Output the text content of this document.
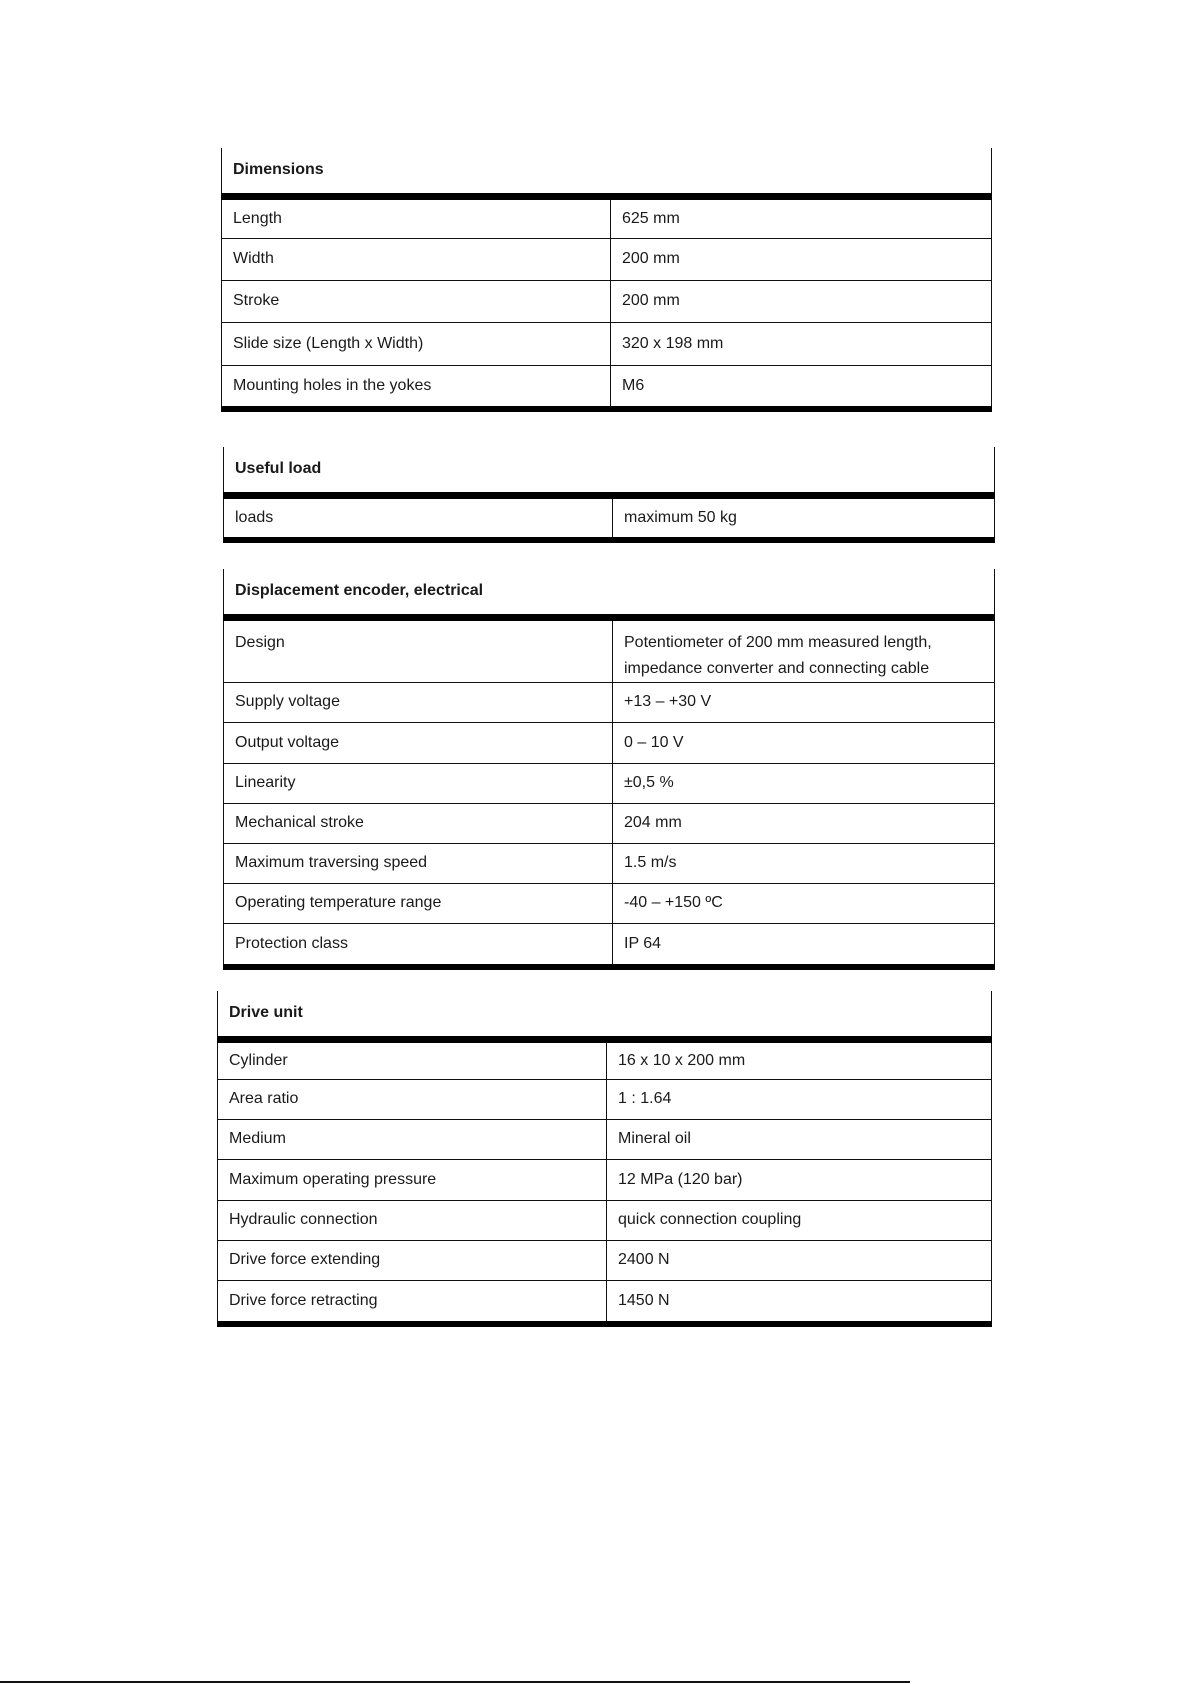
Dimensions	
Length	625 mm
Width	200 mm
Stroke	200 mm
Slide size (Length x Width)	320 x 198 mm
Mounting holes in the yokes	M6
Useful load
loads	maximum 50 kg
Displacement encoder, electrical	
Design	Potentiometer of 200 mm measured length,
impedance converter and connecting cable

Supply voltage	+13 – +30 V
Output voltage	0 – 10 V
Linearity	±0,5 %
Mechanical stroke	204 mm
Maximum traversing speed	1.5 m/s
Operating temperature range	-40 – +150 ºC
Protection class	IP 64
Drive unit	
Cylinder	16 x 10 x 200 mm
Area ratio	1 : 1.64
Medium	Mineral oil
Maximum operating pressure	12 MPa (120 bar)
Hydraulic connection	quick connection coupling
Drive force extending	2400 N
Drive force retracting	1450 N
